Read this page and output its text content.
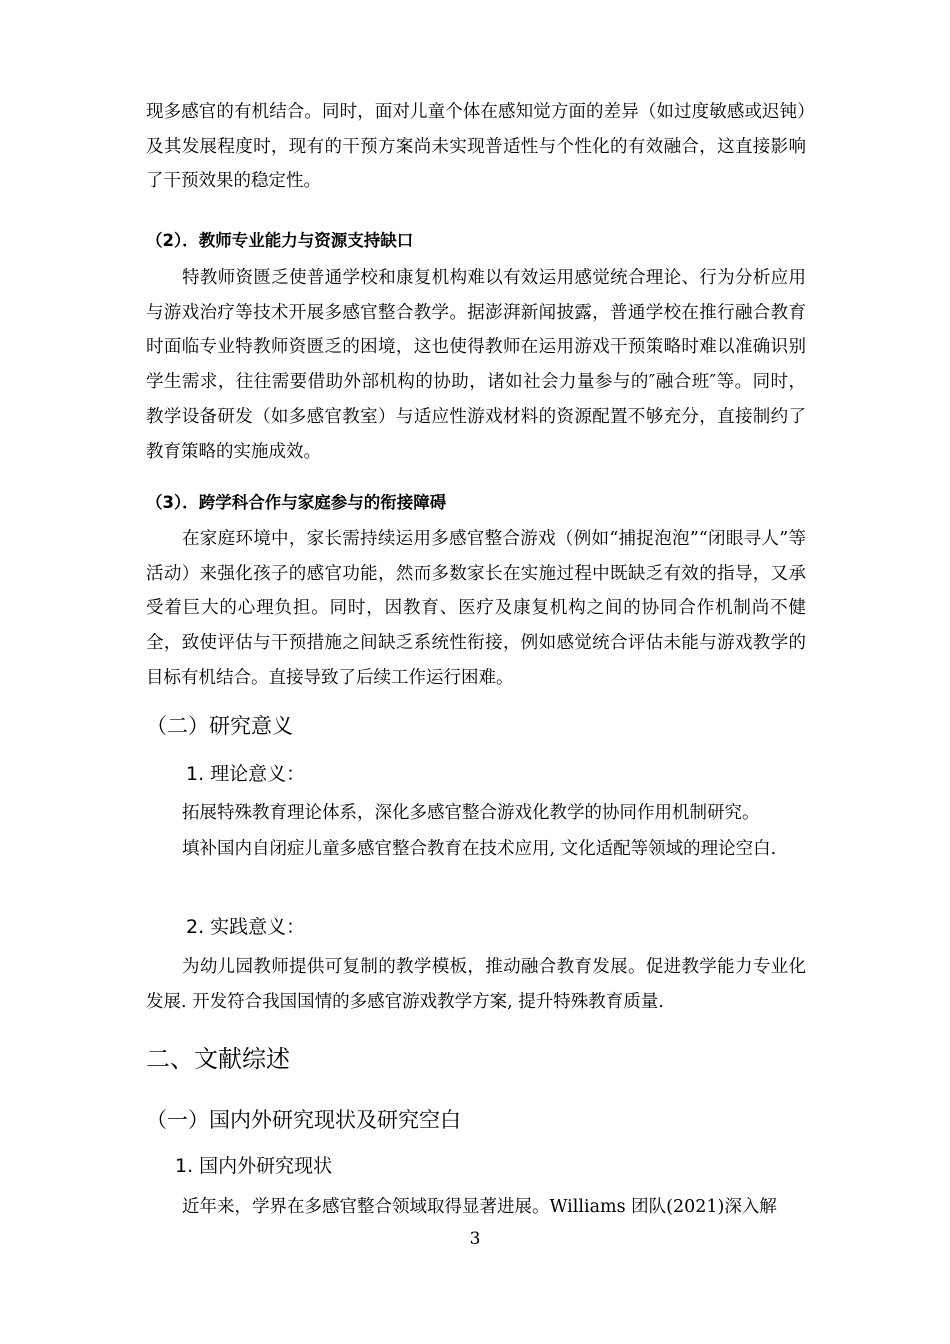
现多感官的有机结合。同时，面对儿童个体在感知觉方面的差异（如过度敏感或迟钝）及其发展程度时，现有的干预方案尚未实现普适性与个性化的有效融合，这直接影响了干预效果的稳定性。

（2）．教师专业能力与资源支持缺口

特教师资匮乏使普通学校和康复机构难以有效运用感觉统合理论、行为分析应用与游戏治疗等技术开展多感官整合教学。据澎湃新闻披露，普通学校在推行融合教育时面临专业特教师资匮乏的困境，这也使得教师在运用游戏干预策略时难以准确识别学生需求，往往需要借助外部机构的协助，诸如社会力量参与的″融合班″等。同时，教学设备研发（如多感官教室）与适应性游戏材料的资源配置不够充分，直接制约了教育策略的实施成效。

（3）．跨学科合作与家庭参与的衔接障碍

在家庭环境中，家长需持续运用多感官整合游戏（例如“捕捉泡泡”“闭眼寻人”等活动）来强化孩子的感官功能，然而多数家长在实施过程中既缺乏有效的指导，又承受着巨大的心理负担。同时，因教育、医疗及康复机构之间的协同合作机制尚不健全，致使评估与干预措施之间缺乏系统性衔接，例如感觉统合评估未能与游戏教学的目标有机结合。直接导致了后续工作运行困难。

（二）研究意义
1. 理论意义：

拓展特殊教育理论体系，深化多感官整合游戏化教学的协同作用机制研究。

填补国内自闭症儿童多感官整合教育在技术应用, 文化适配等领域的理论空白.

2. 实践意义：

为幼儿园教师提供可复制的教学模板，推动融合教育发展。促进教学能力专业化发展. 开发符合我国国情的多感官游戏教学方案, 提升特殊教育质量.

二、文献综述
（一）国内外研究现状及研究空白
1. 国内外研究现状

近年来，学界在多感官整合领域取得显著进展。Williams 团队(2021)深入解

3
